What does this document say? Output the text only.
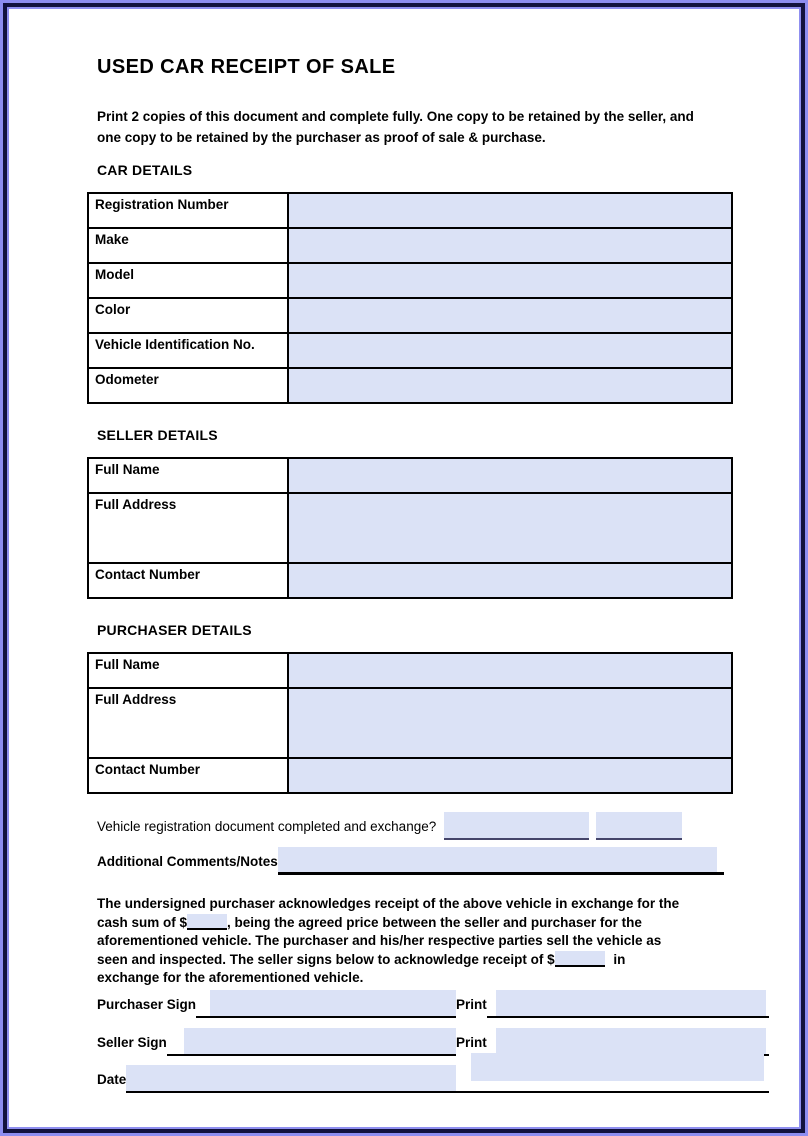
USED CAR RECEIPT OF SALE
Print 2 copies of this document and complete fully. One copy to be retained by the seller, and
one copy to be retained by the purchaser as proof of sale & purchase.
CAR DETAILS
Registration Number	
Make	
Model	
Color	
Vehicle Identification No.	
Odometer	
SELLER DETAILS
Full Name	
Full Address	
Contact Number	
PURCHASER DETAILS
Full Name	
Full Address	
Contact Number	
Vehicle registration document completed and exchange?
Additional Comments/Notes
The undersigned purchaser acknowledges receipt of the above vehicle in exchange for the
cash sum of $	, being the agreed price between the seller and purchaser for the
aforementioned vehicle. The purchaser and his/her respective parties sell the vehicle as
seen and inspected. The seller signs below to acknowledge receipt of $	in
exchange for the aforementioned vehicle.
Purchaser Sign	Print
Seller Sign	Print
Date
